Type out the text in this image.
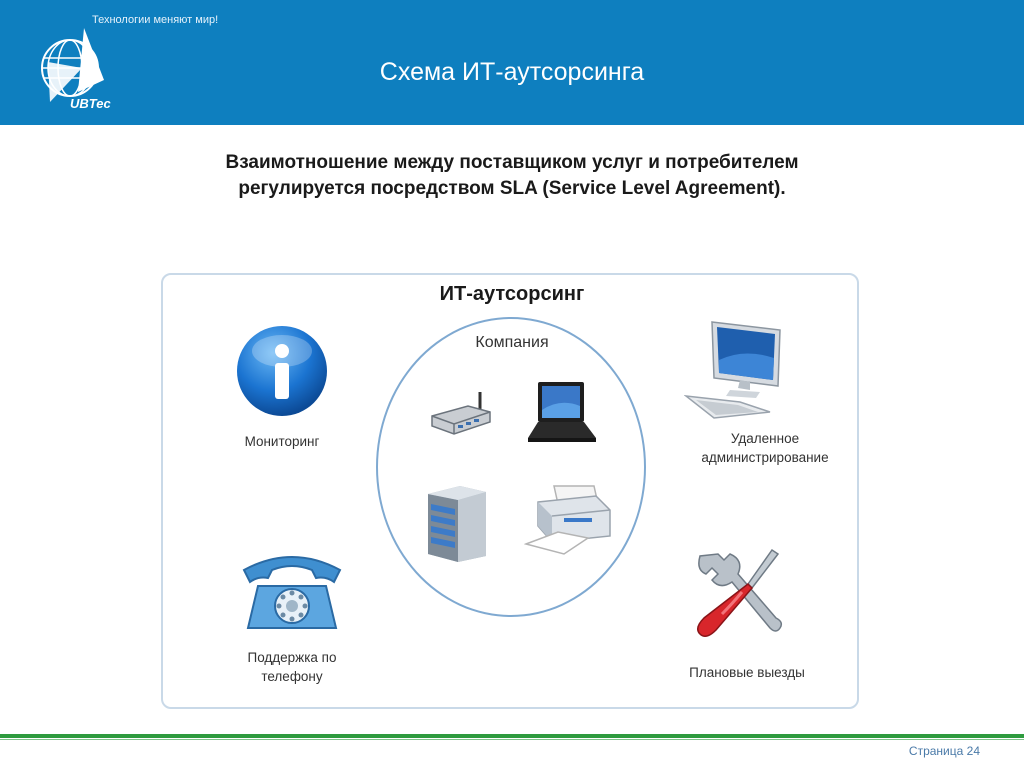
Технологии меняют мир!
UBTec
Схема ИТ-аутсорсинга
Взаимотношение между поставщиком услуг и потребителем
регулируется посредством SLA (Service Level Agreement).
ИТ-аутсорсинг
Компания
Мониторинг
Поддержка по
телефону
Удаленное
администрирование
Плановые выезды
Страница 24
